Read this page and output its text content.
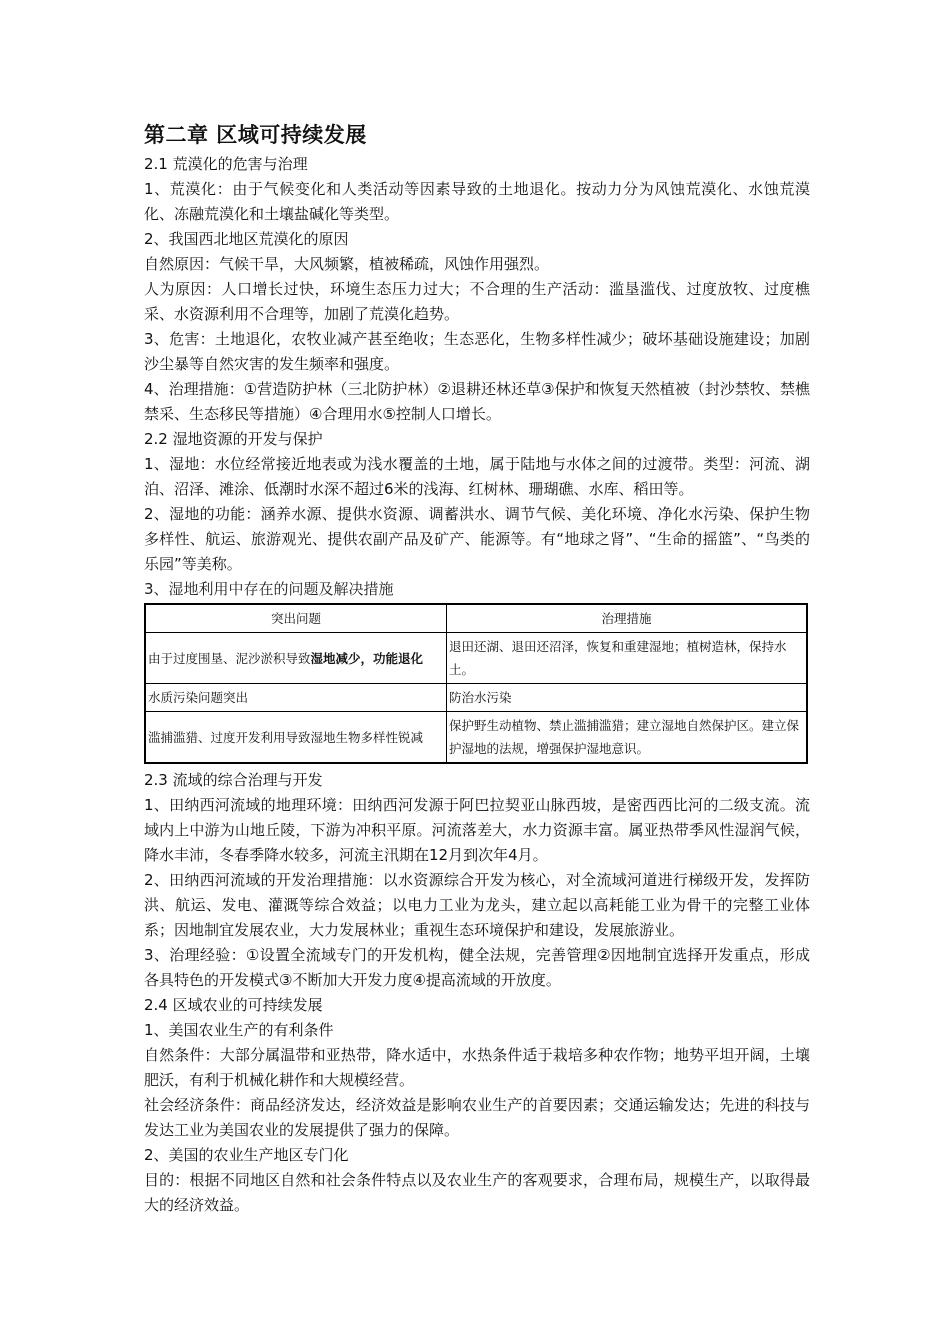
第二章 区域可持续发展
2.1 荒漠化的危害与治理
1、荒漠化：由于气候变化和人类活动等因素导致的土地退化。按动力分为风蚀荒漠化、水蚀荒漠化、冻融荒漠化和土壤盐碱化等类型。
2、我国西北地区荒漠化的原因
自然原因：气候干旱，大风频繁，植被稀疏，风蚀作用强烈。
人为原因：人口增长过快，环境生态压力过大；不合理的生产活动：滥垦滥伐、过度放牧、过度樵采、水资源利用不合理等，加剧了荒漠化趋势。
3、危害：土地退化，农牧业减产甚至绝收；生态恶化，生物多样性减少；破坏基础设施建设；加剧沙尘暴等自然灾害的发生频率和强度。
4、治理措施：①营造防护林（三北防护林）②退耕还林还草③保护和恢复天然植被（封沙禁牧、禁樵禁采、生态移民等措施）④合理用水⑤控制人口增长。
2.2 湿地资源的开发与保护
1、湿地：水位经常接近地表或为浅水覆盖的土地，属于陆地与水体之间的过渡带。类型：河流、湖泊、沼泽、滩涂、低潮时水深不超过6米的浅海、红树林、珊瑚礁、水库、稻田等。
2、湿地的功能：涵养水源、提供水资源、调蓄洪水、调节气候、美化环境、净化水污染、保护生物多样性、航运、旅游观光、提供农副产品及矿产、能源等。有“地球之肾”、“生命的摇篮”、“鸟类的乐园”等美称。
3、湿地利用中存在的问题及解决措施
突出问题	治理措施
由于过度围垦、泥沙淤积导致湿地减少，功能退化	退田还湖、退田还沼泽，恢复和重建湿地；植树造林，保持水土。
水质污染问题突出	防治水污染
滥捕滥猎、过度开发利用导致湿地生物多样性锐减	保护野生动植物、禁止滥捕滥猎；建立湿地自然保护区。建立保护湿地的法规，增强保护湿地意识。
2.3 流域的综合治理与开发
1、田纳西河流域的地理环境：田纳西河发源于阿巴拉契亚山脉西坡，是密西西比河的二级支流。流域内上中游为山地丘陵，下游为冲积平原。河流落差大，水力资源丰富。属亚热带季风性湿润气候，降水丰沛，冬春季降水较多，河流主汛期在12月到次年4月。
2、田纳西河流域的开发治理措施：以水资源综合开发为核心，对全流域河道进行梯级开发，发挥防洪、航运、发电、灌溉等综合效益；以电力工业为龙头，建立起以高耗能工业为骨干的完整工业体系；因地制宜发展农业，大力发展林业；重视生态环境保护和建设，发展旅游业。
3、治理经验：①设置全流域专门的开发机构，健全法规，完善管理②因地制宜选择开发重点，形成各具特色的开发模式③不断加大开发力度④提高流域的开放度。
2.4 区域农业的可持续发展
1、美国农业生产的有利条件
自然条件：大部分属温带和亚热带，降水适中，水热条件适于栽培多种农作物；地势平坦开阔，土壤肥沃，有利于机械化耕作和大规模经营。
社会经济条件：商品经济发达，经济效益是影响农业生产的首要因素；交通运输发达；先进的科技与发达工业为美国农业的发展提供了强力的保障。
2、美国的农业生产地区专门化
目的：根据不同地区自然和社会条件特点以及农业生产的客观要求，合理布局，规模生产，以取得最大的经济效益。
